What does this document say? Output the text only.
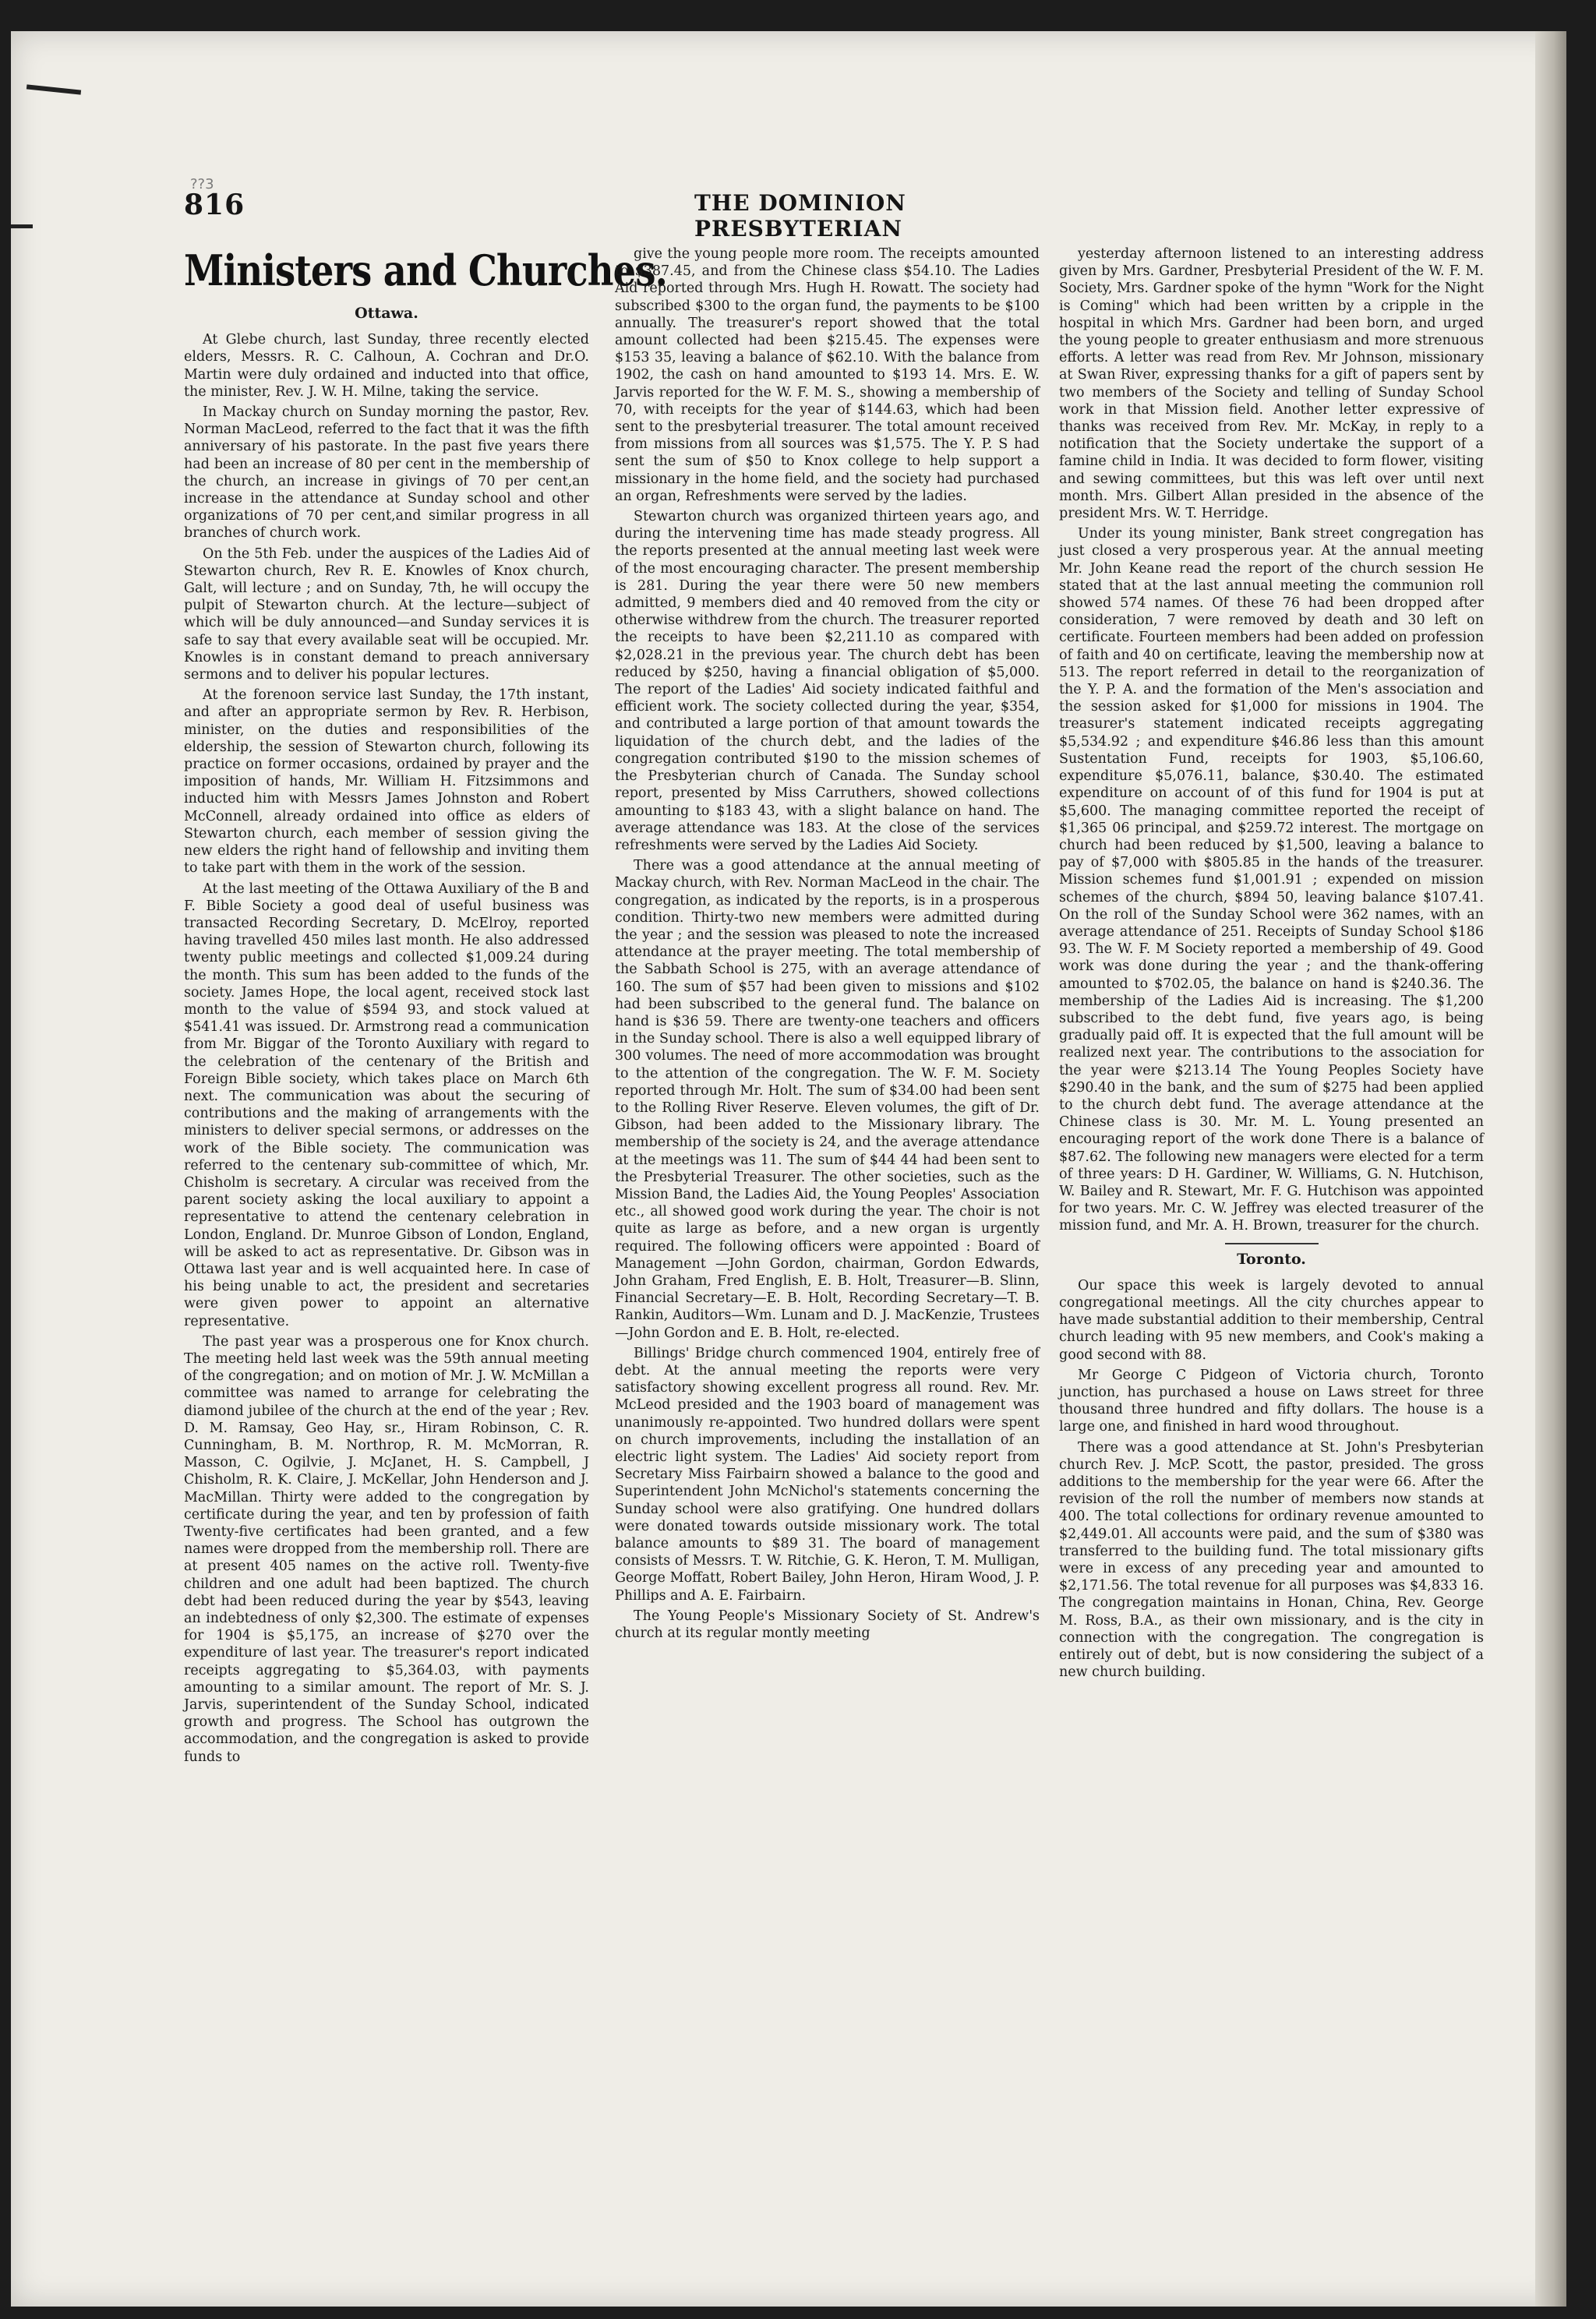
??3
816	THE DOMINION PRESBYTERIAN
Ministers and Churches.
Ottawa.

At Glebe church, last Sunday, three recently elected elders, Messrs. R. C. Calhoun, A. Cochran and Dr.O. Martin were duly ordained and inducted into that office, the minister, Rev. J. W. H. Milne, taking the service.

In Mackay church on Sunday morning the pastor, Rev. Norman MacLeod, referred to the fact that it was the fifth anniversary of his pastorate. In the past five years there had been an increase of 80 per cent in the membership of the church, an increase in givings of 70 per cent,an increase in the attendance at Sunday school and other organizations of 70 per cent,and similar progress in all branches of church work.

On the 5th Feb. under the auspices of the Ladies Aid of Stewarton church, Rev R. E. Knowles of Knox church, Galt, will lecture ; and on Sunday, 7th, he will occupy the pulpit of Stewarton church. At the lecture—subject of which will be duly announced—and Sunday services it is safe to say that every available seat will be occupied. Mr. Knowles is in constant demand to preach anniversary sermons and to deliver his popular lectures.

At the forenoon service last Sunday, the 17th instant, and after an appropriate sermon by Rev. R. Herbison, minister, on the duties and responsibilities of the eldership, the session of Stewarton church, following its practice on former occasions, ordained by prayer and the imposition of hands, Mr. William H. Fitzsimmons and inducted him with Messrs James Johnston and Robert McConnell, already ordained into office as elders of Stewarton church, each member of session giving the new elders the right hand of fellowship and inviting them to take part with them in the work of the session.

At the last meeting of the Ottawa Auxiliary of the B and F. Bible Society a good deal of useful business was transacted Recording Secretary, D. McElroy, reported having travelled 450 miles last month. He also addressed twenty public meetings and collected $1,009.24 during the month. This sum has been added to the funds of the society. James Hope, the local agent, received stock last month to the value of $594 93, and stock valued at $541.41 was issued. Dr. Armstrong read a communication from Mr. Biggar of the Toronto Auxiliary with regard to the celebration of the centenary of the British and Foreign Bible society, which takes place on March 6th next. The communication was about the securing of contributions and the making of arrangements with the ministers to deliver special sermons, or addresses on the work of the Bible society. The communication was referred to the centenary sub-committee of which, Mr. Chisholm is secretary. A circular was received from the parent society asking the local auxiliary to appoint a representative to attend the centenary celebration in London, England. Dr. Munroe Gibson of London, England, will be asked to act as representative. Dr. Gibson was in Ottawa last year and is well acquainted here. In case of his being unable to act, the president and secretaries were given power to appoint an alternative representative.

The past year was a prosperous one for Knox church. The meeting held last week was the 59th annual meeting of the congregation; and on motion of Mr. J. W. McMillan a committee was named to arrange for celebrating the diamond jubilee of the church at the end of the year ; Rev. D. M. Ramsay, Geo Hay, sr., Hiram Robinson, C. R. Cunningham, B. M. Northrop, R. M. McMorran, R. Masson, C. Ogilvie, J. McJanet, H. S. Campbell, J Chisholm, R. K. Claire, J. McKellar, John Henderson and J. MacMillan. Thirty were added to the congregation by certificate during the year, and ten by profession of faith Twenty-five certificates had been granted, and a few names were dropped from the membership roll. There are at present 405 names on the active roll. Twenty-five children and one adult had been baptized. The church debt had been reduced during the year by $543, leaving an indebtedness of only $2,300. The estimate of expenses for 1904 is $5,175, an increase of $270 over the expenditure of last year. The treasurer's report indicated receipts aggregating to $5,364.03, with payments amounting to a similar amount. The report of Mr. S. J. Jarvis, superintendent of the Sunday School, indicated growth and progress. The School has outgrown the accommodation, and the congregation is asked to provide funds to

give the young people more room. The receipts amounted to $387.45, and from the Chinese class $54.10. The Ladies Aid reported through Mrs. Hugh H. Rowatt. The society had subscribed $300 to the organ fund, the payments to be $100 annually. The treasurer's report showed that the total amount collected had been $215.45. The expenses were $153 35, leaving a balance of $62.10. With the balance from 1902, the cash on hand amounted to $193 14. Mrs. E. W. Jarvis reported for the W. F. M. S., showing a membership of 70, with receipts for the year of $144.63, which had been sent to the presbyterial treasurer. The total amount received from missions from all sources was $1,575. The Y. P. S had sent the sum of $50 to Knox college to help support a missionary in the home field, and the society had purchased an organ, Refreshments were served by the ladies.

Stewarton church was organized thirteen years ago, and during the intervening time has made steady progress. All the reports presented at the annual meeting last week were of the most encouraging character. The present membership is 281. During the year there were 50 new members admitted, 9 members died and 40 removed from the city or otherwise withdrew from the church. The treasurer reported the receipts to have been $2,211.10 as compared with $2,028.21 in the previous year. The church debt has been reduced by $250, having a financial obligation of $5,000. The report of the Ladies' Aid society indicated faithful and efficient work. The society collected during the year, $354, and contributed a large portion of that amount towards the liquidation of the church debt, and the ladies of the congregation contributed $190 to the mission schemes of the Presbyterian church of Canada. The Sunday school report, presented by Miss Carruthers, showed collections amounting to $183 43, with a slight balance on hand. The average attendance was 183. At the close of the services refreshments were served by the Ladies Aid Society.

There was a good attendance at the annual meeting of Mackay church, with Rev. Norman MacLeod in the chair. The congregation, as indicated by the reports, is in a prosperous condition. Thirty-two new members were admitted during the year ; and the session was pleased to note the increased attendance at the prayer meeting. The total membership of the Sabbath School is 275, with an average attendance of 160. The sum of $57 had been given to missions and $102 had been subscribed to the general fund. The balance on hand is $36 59. There are twenty-one teachers and officers in the Sunday school. There is also a well equipped library of 300 volumes. The need of more accommodation was brought to the attention of the congregation. The W. F. M. Society reported through Mr. Holt. The sum of $34.00 had been sent to the Rolling River Reserve. Eleven volumes, the gift of Dr. Gibson, had been added to the Missionary library. The membership of the society is 24, and the average attendance at the meetings was 11. The sum of $44 44 had been sent to the Presbyterial Treasurer. The other societies, such as the Mission Band, the Ladies Aid, the Young Peoples' Association etc., all showed good work during the year. The choir is not quite as large as before, and a new organ is urgently required. The following officers were appointed : Board of Management —John Gordon, chairman, Gordon Edwards, John Graham, Fred English, E. B. Holt, Treasurer—B. Slinn, Financial Secretary—E. B. Holt, Recording Secretary—T. B. Rankin, Auditors—Wm. Lunam and D. J. MacKenzie, Trustees—John Gordon and E. B. Holt, re-elected.

Billings' Bridge church commenced 1904, entirely free of debt. At the annual meeting the reports were very satisfactory showing excellent progress all round. Rev. Mr. McLeod presided and the 1903 board of management was unanimously re-appointed. Two hundred dollars were spent on church improvements, including the installation of an electric light system. The Ladies' Aid society report from Secretary Miss Fairbairn showed a balance to the good and Superintendent John McNichol's statements concerning the Sunday school were also gratifying. One hundred dollars were donated towards outside missionary work. The total balance amounts to $89 31. The board of management consists of Messrs. T. W. Ritchie, G. K. Heron, T. M. Mulligan, George Moffatt, Robert Bailey, John Heron, Hiram Wood, J. P. Phillips and A. E. Fairbairn.

The Young People's Missionary Society of St. Andrew's church at its regular montly meeting

yesterday afternoon listened to an interesting address given by Mrs. Gardner, Presbyterial President of the W. F. M. Society, Mrs. Gardner spoke of the hymn "Work for the Night is Coming" which had been written by a cripple in the hospital in which Mrs. Gardner had been born, and urged the young people to greater enthusiasm and more strenuous efforts. A letter was read from Rev. Mr Johnson, missionary at Swan River, expressing thanks for a gift of papers sent by two members of the Society and telling of Sunday School work in that Mission field. Another letter expressive of thanks was received from Rev. Mr. McKay, in reply to a notification that the Society undertake the support of a famine child in India. It was decided to form flower, visiting and sewing committees, but this was left over until next month. Mrs. Gilbert Allan presided in the absence of the president Mrs. W. T. Herridge.

Under its young minister, Bank street congregation has just closed a very prosperous year. At the annual meeting Mr. John Keane read the report of the church session He stated that at the last annual meeting the communion roll showed 574 names. Of these 76 had been dropped after consideration, 7 were removed by death and 30 left on certificate. Fourteen members had been added on profession of faith and 40 on certificate, leaving the membership now at 513. The report referred in detail to the reorganization of the Y. P. A. and the formation of the Men's association and the session asked for $1,000 for missions in 1904. The treasurer's statement indicated receipts aggregating $5,534.92 ; and expenditure $46.86 less than this amount Sustentation Fund, receipts for 1903, $5,106.60, expenditure $5,076.11, balance, $30.40. The estimated expenditure on account of of this fund for 1904 is put at $5,600. The managing committee reported the receipt of $1,365 06 principal, and $259.72 interest. The mortgage on church had been reduced by $1,500, leaving a balance to pay of $7,000 with $805.85 in the hands of the treasurer. Mission schemes fund $1,001.91 ; expended on mission schemes of the church, $894 50, leaving balance $107.41. On the roll of the Sunday School were 362 names, with an average attendance of 251. Receipts of Sunday School $186 93. The W. F. M Society reported a membership of 49. Good work was done during the year ; and the thank-offering amounted to $702.05, the balance on hand is $240.36. The membership of the Ladies Aid is increasing. The $1,200 subscribed to the debt fund, five years ago, is being gradually paid off. It is expected that the full amount will be realized next year. The contributions to the association for the year were $213.14 The Young Peoples Society have $290.40 in the bank, and the sum of $275 had been applied to the church debt fund. The average attendance at the Chinese class is 30. Mr. M. L. Young presented an encouraging report of the work done There is a balance of $87.62. The following new managers were elected for a term of three years: D H. Gardiner, W. Williams, G. N. Hutchison, W. Bailey and R. Stewart, Mr. F. G. Hutchison was appointed for two years. Mr. C. W. Jeffrey was elected treasurer of the mission fund, and Mr. A. H. Brown, treasurer for the church.

Toronto.

Our space this week is largely devoted to annual congregational meetings. All the city churches appear to have made substantial addition to their membership, Central church leading with 95 new members, and Cook's making a good second with 88.

Mr George C Pidgeon of Victoria church, Toronto junction, has purchased a house on Laws street for three thousand three hundred and fifty dollars. The house is a large one, and finished in hard wood throughout.

There was a good attendance at St. John's Presbyterian church Rev. J. McP. Scott, the pastor, presided. The gross additions to the membership for the year were 66. After the revision of the roll the number of members now stands at 400. The total collections for ordinary revenue amounted to $2,449.01. All accounts were paid, and the sum of $380 was transferred to the building fund. The total missionary gifts were in excess of any preceding year and amounted to $2,171.56. The total revenue for all purposes was $4,833 16. The congregation maintains in Honan, China, Rev. George M. Ross, B.A., as their own missionary, and is the city in connection with the congregation. The congregation is entirely out of debt, but is now considering the subject of a new church building.
